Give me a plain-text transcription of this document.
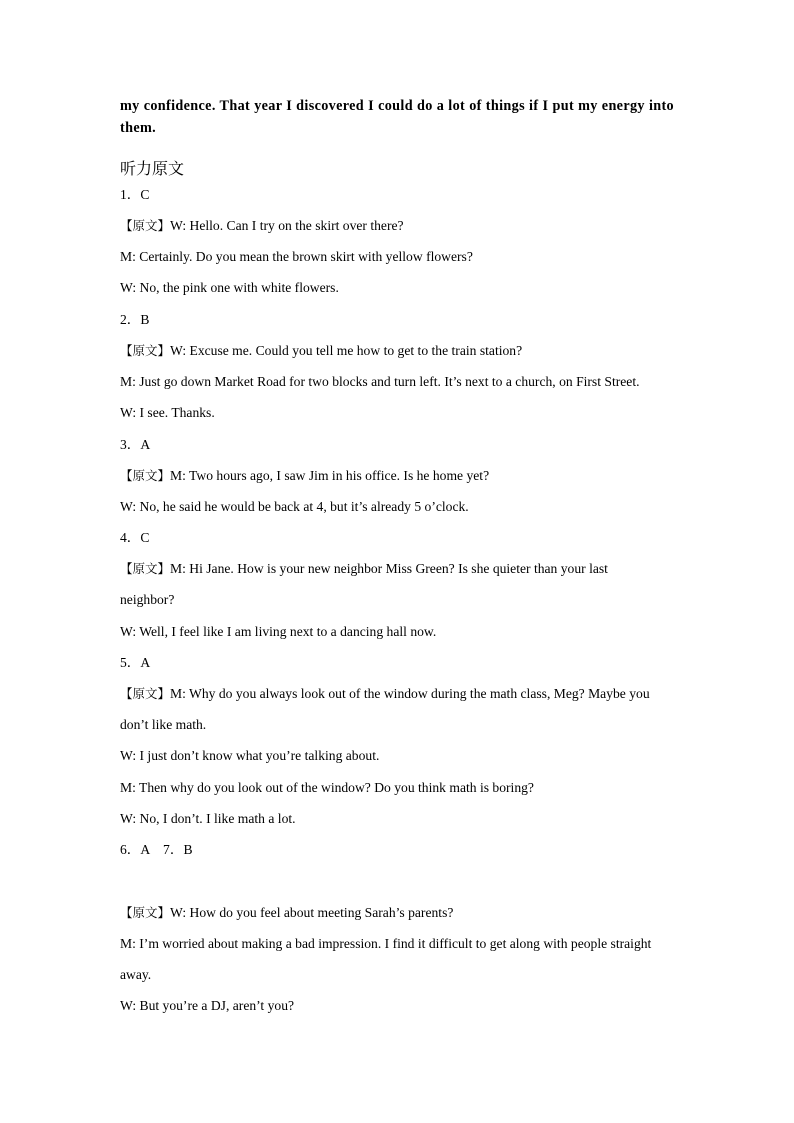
my confidence. That year I discovered I could do a lot of things if I put my energy into them.
听力原文
1．C
【原文】W: Hello. Can I try on the skirt over there?
M: Certainly. Do you mean the brown skirt with yellow flowers?
W: No, the pink one with white flowers.
2．B
【原文】W: Excuse me. Could you tell me how to get to the train station?
M: Just go down Market Road for two blocks and turn left. It’s next to a church, on First Street.
W: I see. Thanks.
3．A
【原文】M: Two hours ago, I saw Jim in his office. Is he home yet?
W: No, he said he would be back at 4, but it’s already 5 o’clock.
4．C
【原文】M: Hi Jane. How is your new neighbor Miss Green? Is she quieter than your last
neighbor?
W: Well, I feel like I am living next to a dancing hall now.
5．A
【原文】M: Why do you always look out of the window during the math class, Meg? Maybe you
don’t like math.
W: I just don’t know what you’re talking about.
M: Then why do you look out of the window? Do you think math is boring?
W: No, I don’t. I like math a lot.
6．A    7．B
【原文】W: How do you feel about meeting Sarah’s parents?
M: I’m worried about making a bad impression. I find it difficult to get along with people straight
away.
W: But you’re a DJ, aren’t you?
